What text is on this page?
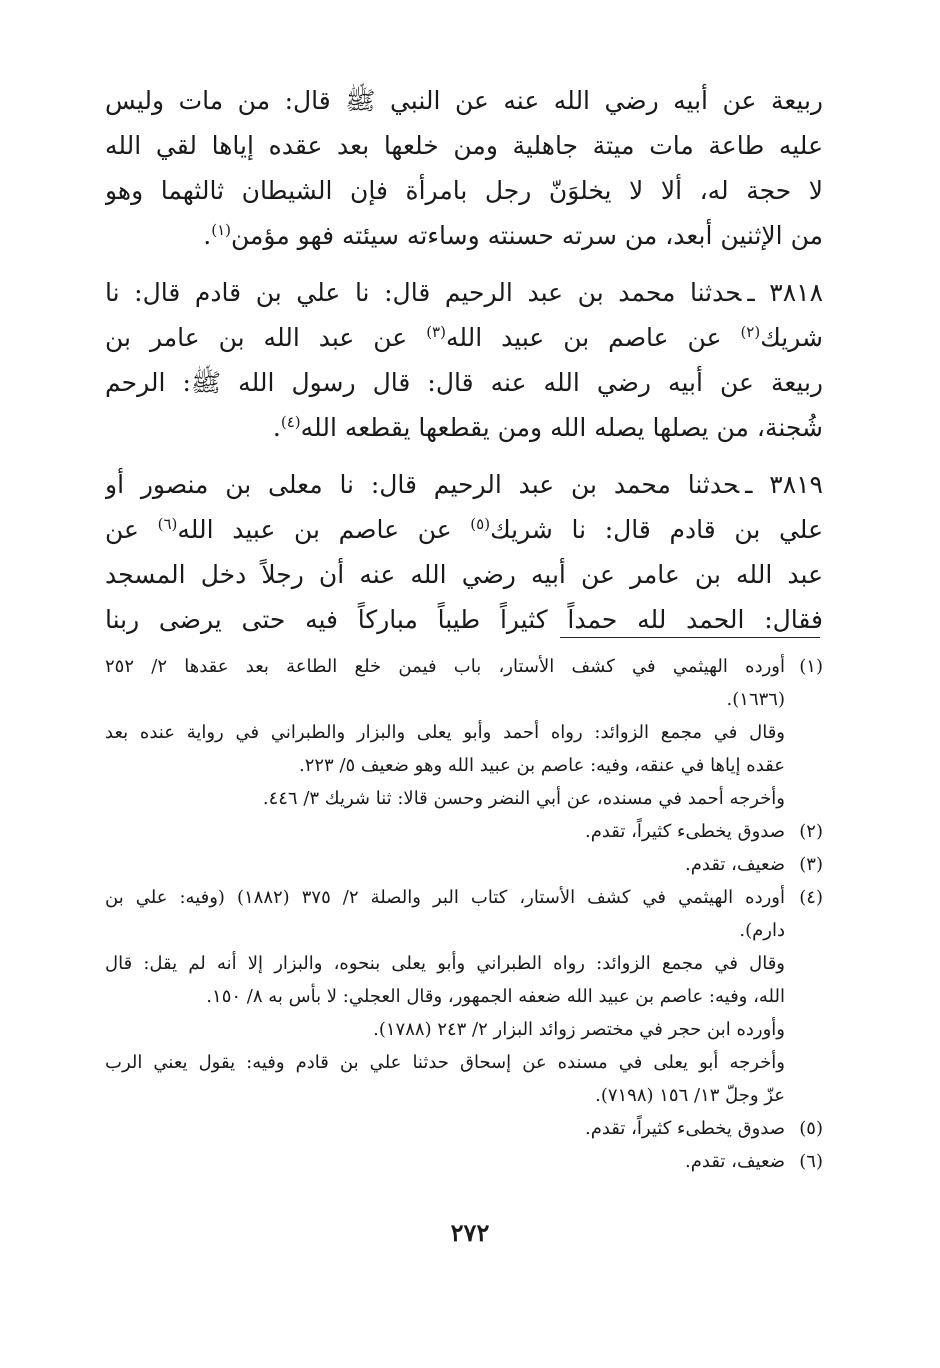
ربيعة عن أبيه رضي الله عنه عن النبي ﷺ قال: من مات وليس
عليه طاعة مات ميتة جاهلية ومن خلعها بعد عقده إياها لقي الله
لا حجة له، ألا لا يخلوَنّ رجل بامرأة فإن الشيطان ثالثهما وهو
من الإثنين أبعد، من سرته حسنته وساءته سيئته فهو مؤمن$^{(١)}$.
٣٨١٨ ـحدثنا محمد بن عبد الرحيم قال: نا علي بن قادم قال: نا
شريك$^{(٢)}$ عن عاصم بن عبيد الله$^{(٣)}$ عن عبد الله بن عامر بن
ربيعة عن أبيه رضي الله عنه قال: قال رسول الله ﷺ: الرحم
شُجنة، من يصلها يصله الله ومن يقطعها يقطعه الله$^{(٤)}$.
٣٨١٩ ـحدثنا محمد بن عبد الرحيم قال: نا معلى بن منصور أو
علي بن قادم قال: نا شريك$^{(٥)}$ عن عاصم بن عبيد الله$^{(٦)}$ عن
عبد الله بن عامر عن أبيه رضي الله عنه أن رجلاً دخل المسجد
فقال: الحمد لله حمداً كثيراً طيباً مباركاً فيه حتى يرضى ربنا
(١)
أورده الهيثمي في كشف الأستار، باب فيمن خلع الطاعة بعد عقدها ٢/ ٢٥٢
(١٦٣٦).
وقال في مجمع الزوائد: رواه أحمد وأبو يعلى والبزار والطبراني في رواية عنده بعد
عقده إياها في عنقه، وفيه: عاصم بن عبيد الله وهو ضعيف ٥/ ٢٢٣.
وأخرجه أحمد في مسنده، عن أبي النضر وحسن قالا: ثنا شريك ٣/ ٤٤٦.
(٢)
صدوق يخطىء كثيراً، تقدم.
(٣)
ضعيف، تقدم.
(٤)
أورده الهيثمي في كشف الأستار، كتاب البر والصلة ٢/ ٣٧٥ (١٨٨٢) (وفيه: علي بن
دارم).
وقال في مجمع الزوائد: رواه الطبراني وأبو يعلى بنحوه، والبزار إلا أنه لم يقل: قال
الله، وفيه: عاصم بن عبيد الله ضعفه الجمهور، وقال العجلي: لا بأس به ٨/ ١٥٠.
وأورده ابن حجر في مختصر زوائد البزار ٢/ ٢٤٣ (١٧٨٨).
وأخرجه أبو يعلى في مسنده عن إسحاق حدثنا علي بن قادم وفيه: يقول يعني الرب
عزّ وجلّ ١٣/ ١٥٦ (٧١٩٨).
(٥)
صدوق يخطىء كثيراً، تقدم.
(٦)
ضعيف، تقدم.
٢٧٢
